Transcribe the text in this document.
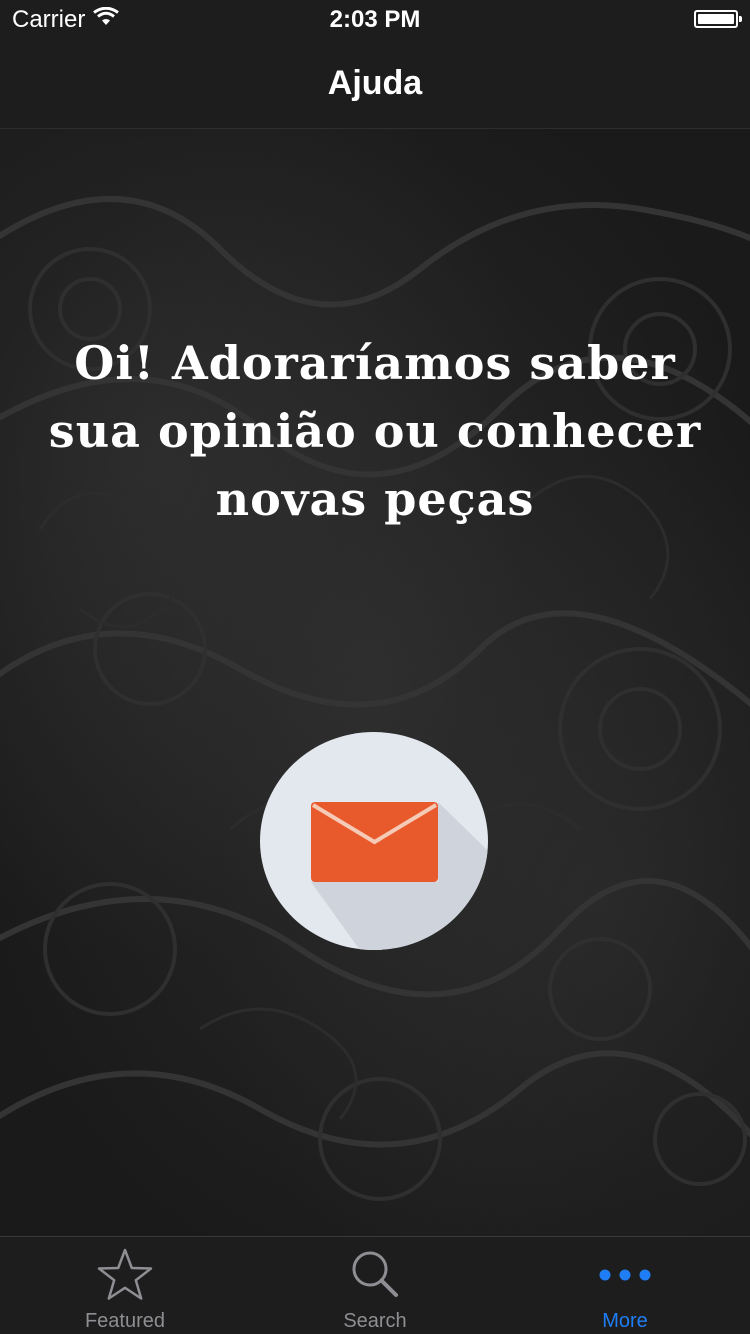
Carrier	2:03 PM
Ajuda
Oi! Adoraríamos saber sua opinião ou conhecer novas peças
Featured	Search	More
